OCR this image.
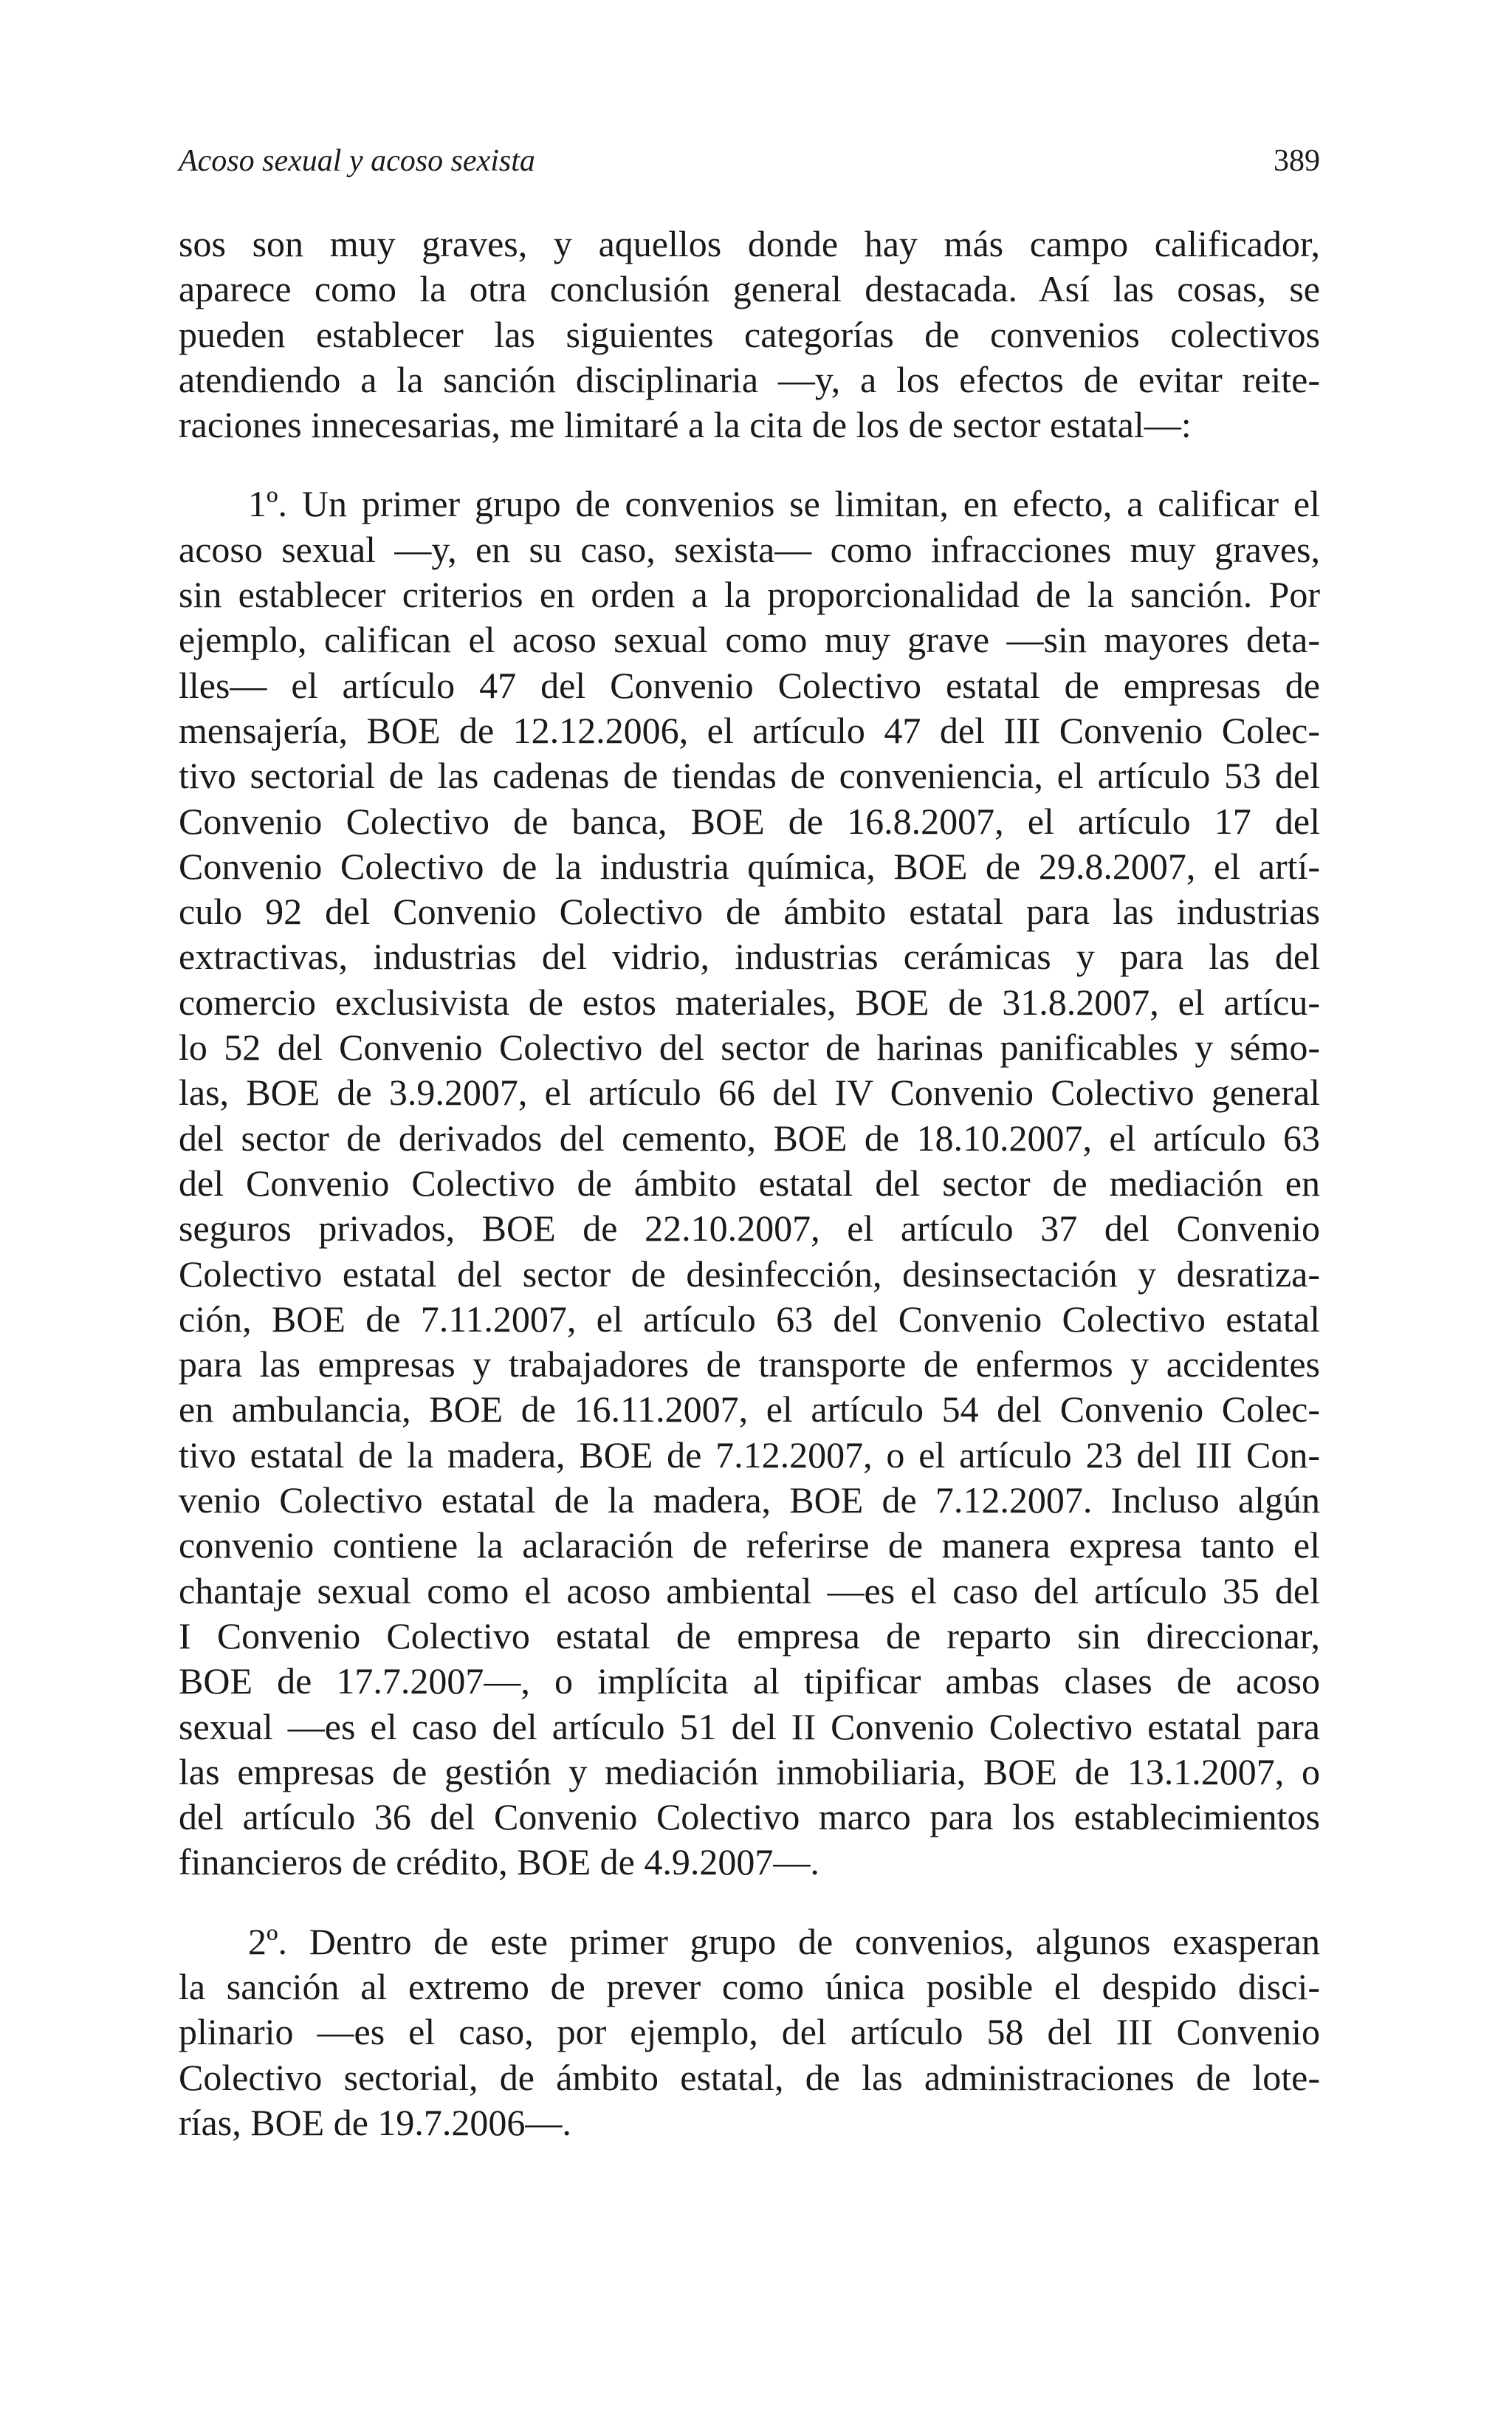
Acoso sexual y acoso sexista	389

sos son muy graves, y aquellos donde hay más campo calificador,

aparece como la otra conclusión general destacada. Así las cosas, se

pueden establecer las siguientes categorías de convenios colectivos

atendiendo a la sanción disciplinaria —y, a los efectos de evitar reite-

raciones innecesarias, me limitaré a la cita de los de sector estatal—:

1º. Un primer grupo de convenios se limitan, en efecto, a calificar el

acoso sexual —y, en su caso, sexista— como infracciones muy graves,

sin establecer criterios en orden a la proporcionalidad de la sanción. Por

ejemplo, califican el acoso sexual como muy grave —sin mayores deta-

lles— el artículo 47 del Convenio Colectivo estatal de empresas de

mensajería, BOE de 12.12.2006, el artículo 47 del III Convenio Colec-

tivo sectorial de las cadenas de tiendas de conveniencia, el artículo 53 del

Convenio Colectivo de banca, BOE de 16.8.2007, el artículo 17 del

Convenio Colectivo de la industria química, BOE de 29.8.2007, el artí-

culo 92 del Convenio Colectivo de ámbito estatal para las industrias

extractivas, industrias del vidrio, industrias cerámicas y para las del

comercio exclusivista de estos materiales, BOE de 31.8.2007, el artícu-

lo 52 del Convenio Colectivo del sector de harinas panificables y sémo-

las, BOE de 3.9.2007, el artículo 66 del IV Convenio Colectivo general

del sector de derivados del cemento, BOE de 18.10.2007, el artículo 63

del Convenio Colectivo de ámbito estatal del sector de mediación en

seguros privados, BOE de 22.10.2007, el artículo 37 del Convenio

Colectivo estatal del sector de desinfección, desinsectación y desratiza-

ción, BOE de 7.11.2007, el artículo 63 del Convenio Colectivo estatal

para las empresas y trabajadores de transporte de enfermos y accidentes

en ambulancia, BOE de 16.11.2007, el artículo 54 del Convenio Colec-

tivo estatal de la madera, BOE de 7.12.2007, o el artículo 23 del III Con-

venio Colectivo estatal de la madera, BOE de 7.12.2007. Incluso algún

convenio contiene la aclaración de referirse de manera expresa tanto el

chantaje sexual como el acoso ambiental —es el caso del artículo 35 del

I Convenio Colectivo estatal de empresa de reparto sin direccionar,

BOE de 17.7.2007—, o implícita al tipificar ambas clases de acoso

sexual —es el caso del artículo 51 del II Convenio Colectivo estatal para

las empresas de gestión y mediación inmobiliaria, BOE de 13.1.2007, o

del artículo 36 del Convenio Colectivo marco para los establecimientos

financieros de crédito, BOE de 4.9.2007—.

2º. Dentro de este primer grupo de convenios, algunos exasperan

la sanción al extremo de prever como única posible el despido disci-

plinario —es el caso, por ejemplo, del artículo 58 del III Convenio

Colectivo sectorial, de ámbito estatal, de las administraciones de lote-

rías, BOE de 19.7.2006—.
